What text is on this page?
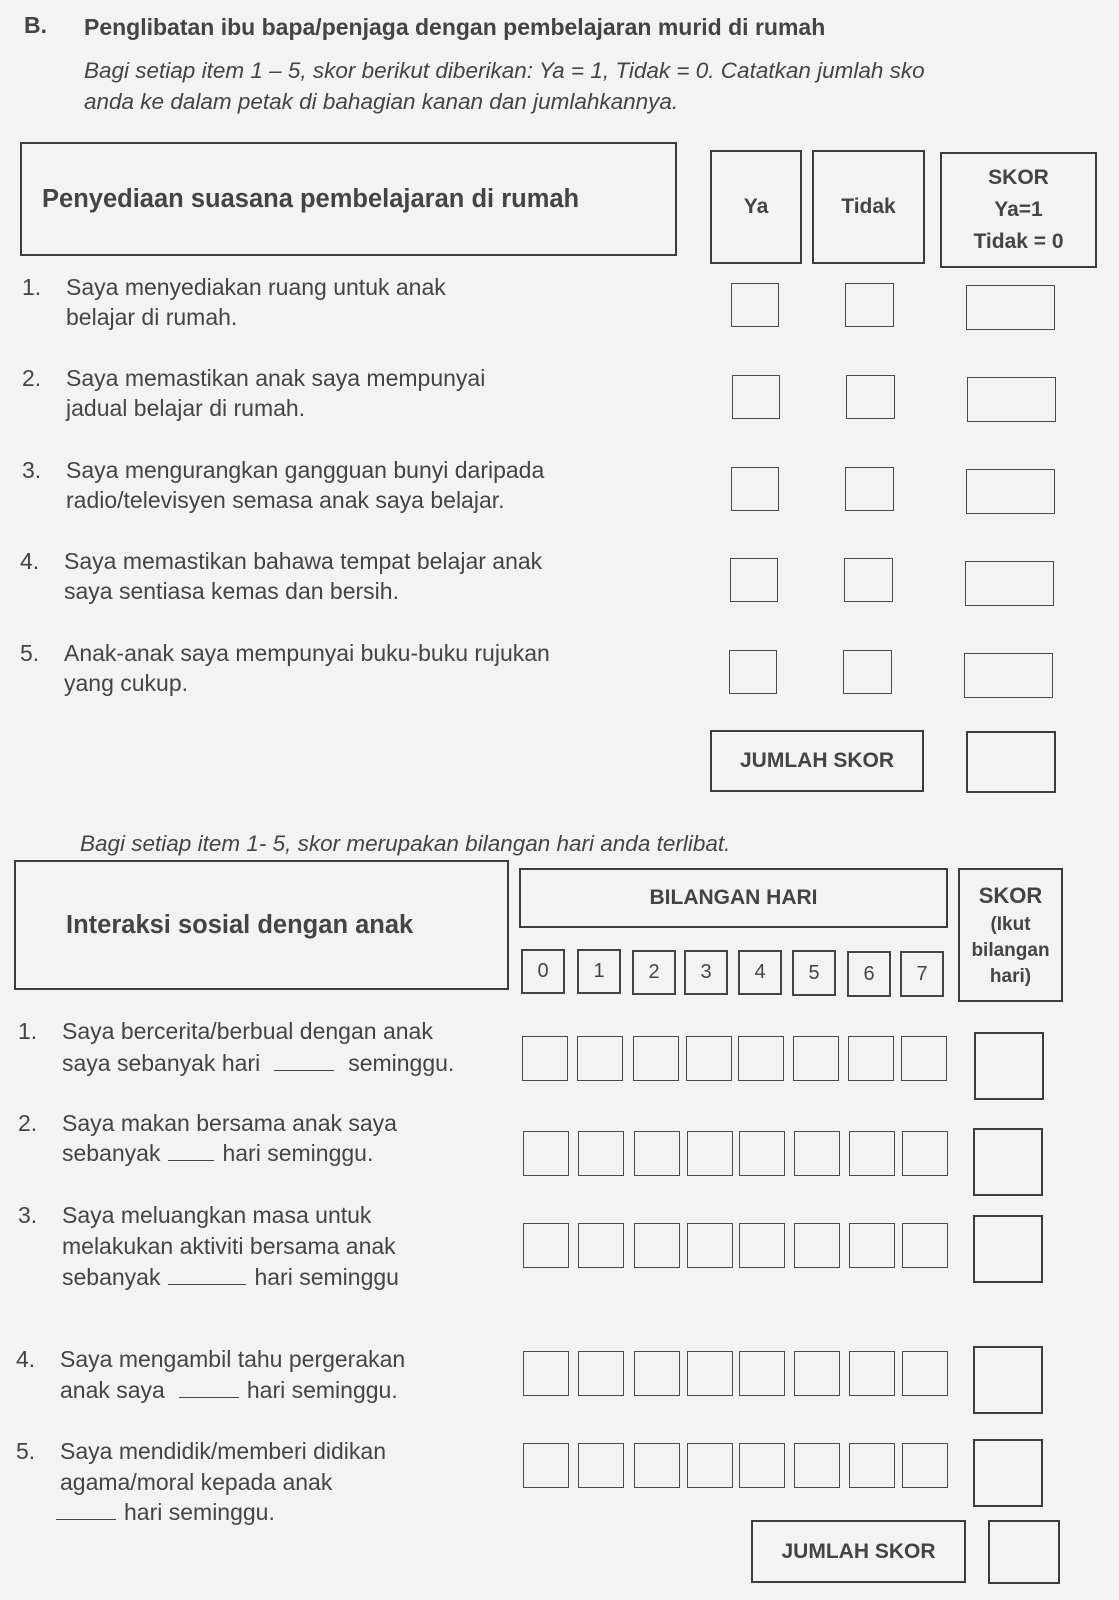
B. Penglibatan ibu bapa/penjaga dengan pembelajaran murid di rumah
Bagi setiap item 1 – 5, skor berikut diberikan: Ya = 1, Tidak = 0. Catatkan jumlah sko
anda ke dalam petak di bahagian kanan dan jumlahkannya.
Penyediaan suasana pembelajaran di rumah	Ya	Tidak
SKOR
Ya=1
Tidak = 0
1. Saya menyediakan ruang untuk anak
belajar di rumah.
2. Saya memastikan anak saya mempunyai
jadual belajar di rumah.
3. Saya mengurangkan gangguan bunyi daripada
radio/televisyen semasa anak saya belajar.
4. Saya memastikan bahawa tempat belajar anak
saya sentiasa kemas dan bersih.
5. Anak-anak saya mempunyai buku-buku rujukan
yang cukup.
JUMLAH SKOR
Bagi setiap item 1- 5, skor merupakan bilangan hari anda terlibat.
Interaksi sosial dengan anak
BILANGAN HARI
0	1	2	3	4	5	6	7
SKOR
(Ikut
bilangan
hari)
1. Saya bercerita/berbual dengan anak
saya sebanyak hari	seminggu.
2. Saya makan bersama anak saya
sebanyak	hari seminggu.
3. Saya meluangkan masa untuk
melakukan aktiviti bersama anak
sebanyak	hari seminggu
4. Saya mengambil tahu pergerakan
anak saya	hari seminggu.
5. Saya mendidik/memberi didikan
agama/moral kepada anak
hari seminggu.
JUMLAH SKOR
